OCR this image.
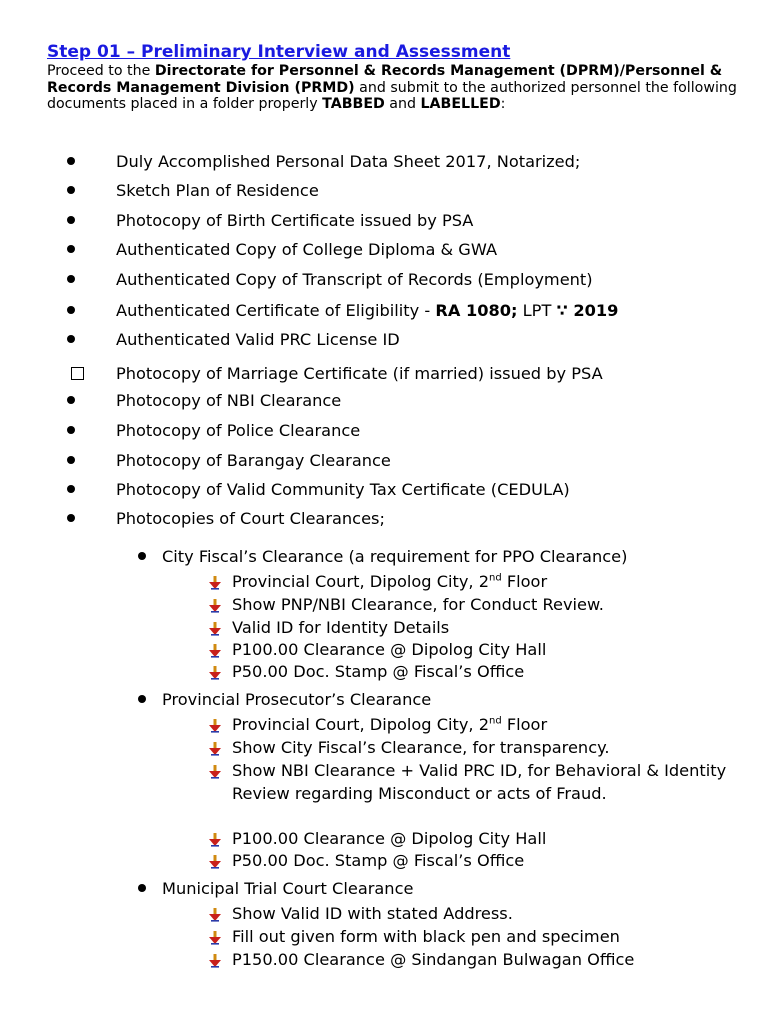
Step 01 – Preliminary Interview and Assessment
Proceed to the Directorate for Personnel & Records Management (DPRM)/Personnel & Records Management Division (PRMD) and submit to the authorized personnel the following documents placed in a folder properly TABBED and LABELLED:
Duly Accomplished Personal Data Sheet 2017, Notarized;
Sketch Plan of Residence
Photocopy of Birth Certificate issued by PSA
Authenticated Copy of College Diploma & GWA
Authenticated Copy of Transcript of Records (Employment)
Authenticated Certificate of Eligibility - RA 1080; LPT ∵ 2019
Authenticated Valid PRC License ID
Photocopy of Marriage Certificate (if married) issued by PSA
Photocopy of NBI Clearance
Photocopy of Police Clearance
Photocopy of Barangay Clearance
Photocopy of Valid Community Tax Certificate (CEDULA)
Photocopies of Court Clearances;
City Fiscal’s Clearance (a requirement for PPO Clearance)
Provincial Court, Dipolog City, 2nd Floor
Show PNP/NBI Clearance, for Conduct Review.
Valid ID for Identity Details
P100.00 Clearance @ Dipolog City Hall
P50.00 Doc. Stamp @ Fiscal’s Office
Provincial Prosecutor’s Clearance
Provincial Court, Dipolog City, 2nd Floor
Show City Fiscal’s Clearance, for transparency.
Show NBI Clearance + Valid PRC ID, for Behavioral & Identity Review regarding Misconduct or acts of Fraud.
P100.00 Clearance @ Dipolog City Hall
P50.00 Doc. Stamp @ Fiscal’s Office
Municipal Trial Court Clearance
Show Valid ID with stated Address.
Fill out given form with black pen and specimen
P150.00 Clearance @ Sindangan Bulwagan Office
